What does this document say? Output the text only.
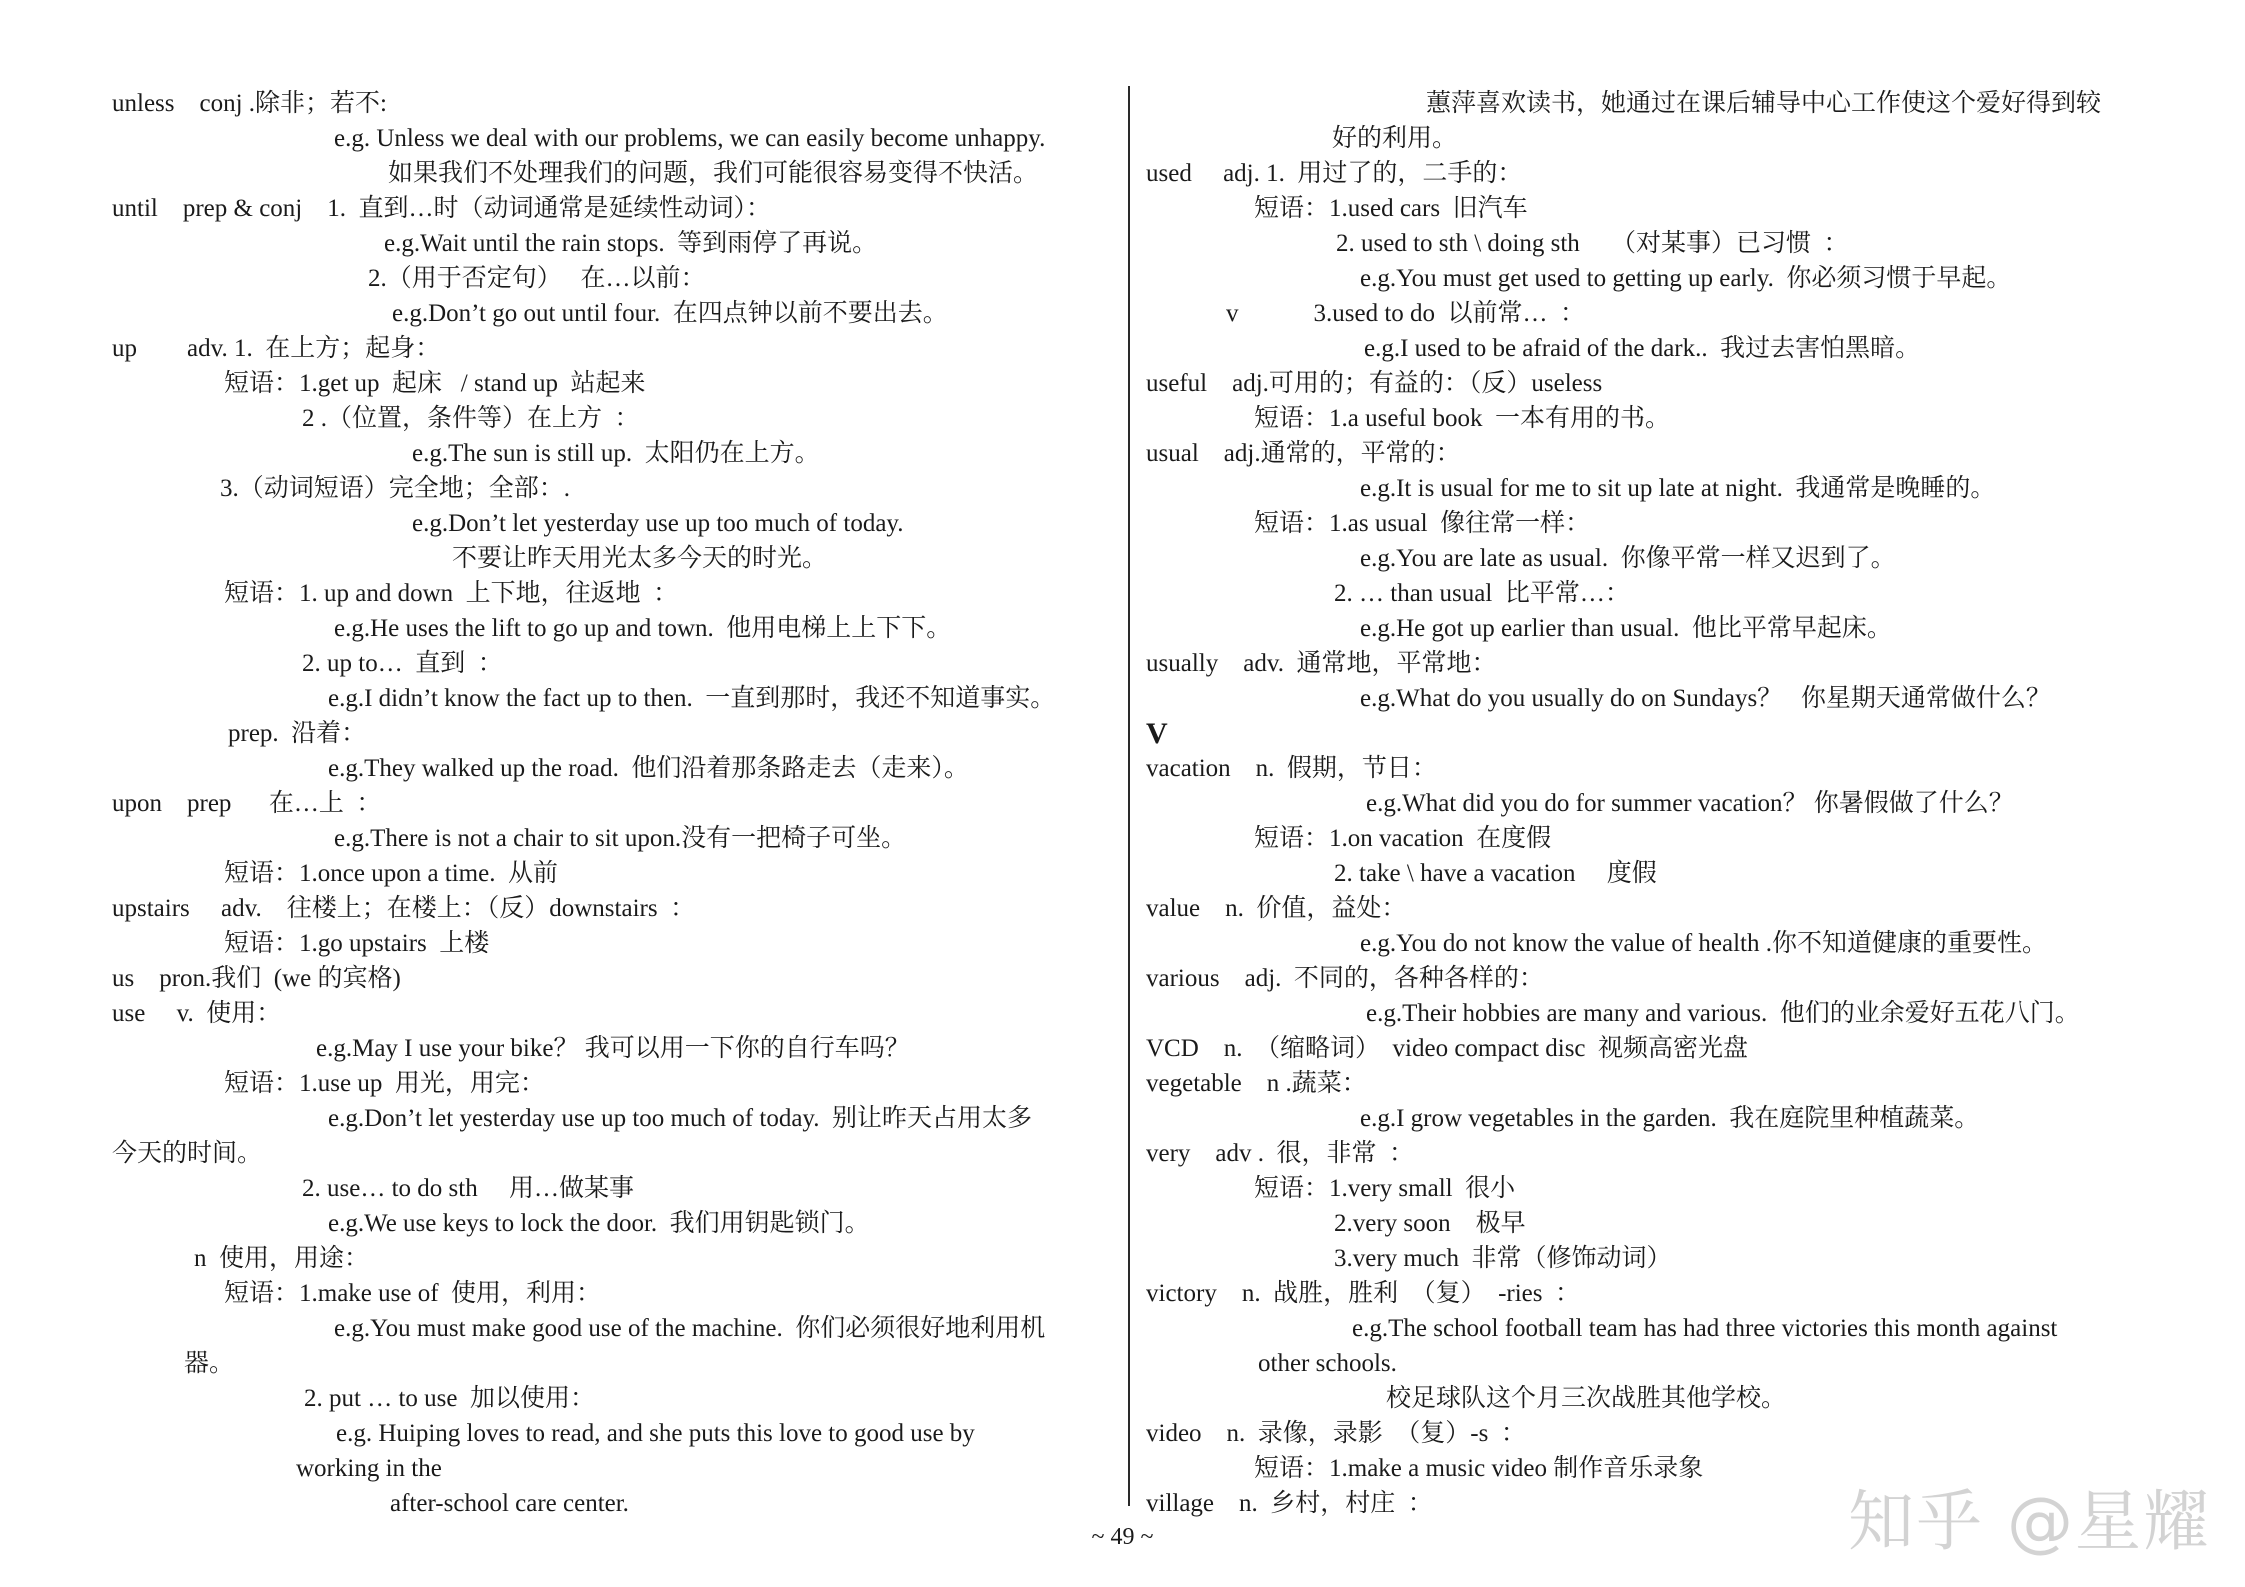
unless    conj .除非；若不:
e.g. Unless we deal with our problems, we can easily become unhappy.
如果我们不处理我们的问题，我们可能很容易变得不快活。
until    prep & conj    1.  直到…时（动词通常是延续性动词）：
e.g.Wait until the rain stops.  等到雨停了再说。
2.（用于否定句）   在…以前：
e.g.Don’t go out until four.  在四点钟以前不要出去。
up        adv. 1.  在上方；起身：
短语：1.get up  起床   / stand up  站起来
2 .（位置，条件等）在上方  ：
e.g.The sun is still up.  太阳仍在上方。
3.（动词短语）完全地；全部：.
e.g.Don’t let yesterday use up too much of today.
不要让昨天用光太多今天的时光。
短语：1. up and down  上下地，往返地  ：
e.g.He uses the lift to go up and town.  他用电梯上上下下。
2. up to…  直到  ：
e.g.I didn’t know the fact up to then.  一直到那时，我还不知道事实。
prep.  沿着：
e.g.They walked up the road.  他们沿着那条路走去（走来）。
upon    prep      在…上  ：
e.g.There is not a chair to sit upon.没有一把椅子可坐。
短语：1.once upon a time.  从前
upstairs     adv.    往楼上；在楼上：（反）downstairs  ：
短语：1.go upstairs  上楼
us    pron.我们  (we 的宾格)
use     v.  使用：
e.g.May I use your bike？ 我可以用一下你的自行车吗？
短语：1.use up  用光，用完：
e.g.Don’t let yesterday use up too much of today.  别让昨天占用太多
今天的时间。
2. use… to do sth     用…做某事
e.g.We use keys to lock the door.  我们用钥匙锁门。
n  使用，用途：
短语：1.make use of  使用，利用：
e.g.You must make good use of the machine.  你们必须很好地利用机
器。
2. put … to use  加以使用：
e.g. Huiping loves to read, and she puts this love to good use by
working in the
after-school care center.
蕙萍喜欢读书，她通过在课后辅导中心工作使这个爱好得到较
好的利用。
used     adj. 1.  用过了的，二手的：
短语：1.used cars  旧汽车
2. used to sth \ doing sth     （对某事）已习惯  ：
e.g.You must get used to getting up early.  你必须习惯于早起。
v            3.used to do  以前常…  ：
e.g.I used to be afraid of the dark..  我过去害怕黑暗。
useful    adj.可用的；有益的：（反）useless
短语：1.a useful book  一本有用的书。
usual    adj.通常的，平常的：
e.g.It is usual for me to sit up late at night.  我通常是晚睡的。
短语：1.as usual  像往常一样：
e.g.You are late as usual.  你像平常一样又迟到了。
2. … than usual  比平常…：
e.g.He got up earlier than usual.  他比平常早起床。
usually    adv.  通常地，平常地：
e.g.What do you usually do on Sundays？   你星期天通常做什么？
V
vacation    n.  假期，节日：
e.g.What did you do for summer vacation？ 你暑假做了什么？
短语：1.on vacation  在度假
2. take \ have a vacation     度假
value    n.  价值，益处：
e.g.You do not know the value of health .你不知道健康的重要性。
various    adj.  不同的，各种各样的：
e.g.Their hobbies are many and various.  他们的业余爱好五花八门。
VCD    n.  （缩略词）  video compact disc  视频高密光盘
vegetable    n .蔬菜：
e.g.I grow vegetables in the garden.  我在庭院里种植蔬菜。
very    adv .  很，非常  ：
短语：1.very small  很小
2.very soon    极早
3.very much  非常（修饰动词）
victory    n.  战胜，胜利  （复）  -ries  ：
e.g.The school football team has had three victories this month against
other schools.
校足球队这个月三次战胜其他学校。
video    n.  录像，录影  （复）-s  ：
短语：1.make a music video 制作音乐录象
village    n.  乡村，村庄  ：
~ 49 ~	知乎 @星耀
